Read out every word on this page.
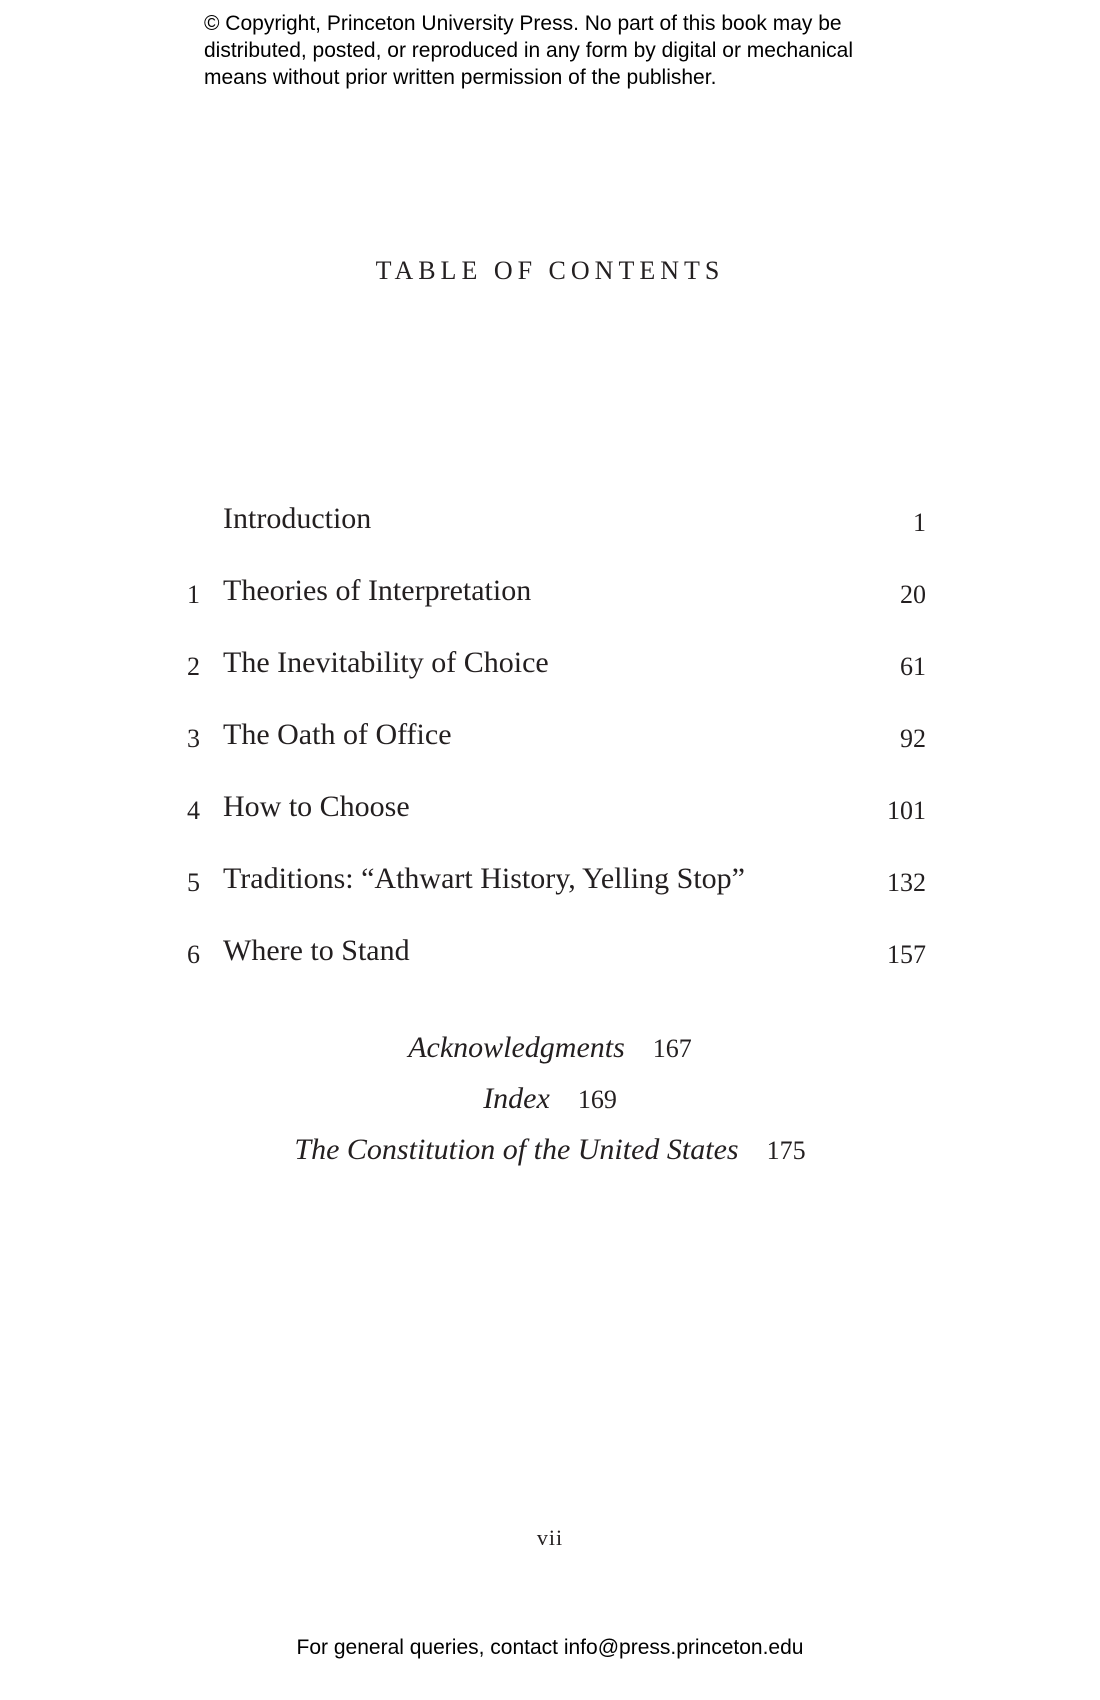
© Copyright, Princeton University Press. No part of this book may be
distributed, posted, or reproduced in any form by digital or mechanical
means without prior written permission of the publisher.
TABLE OF CONTENTS
Introduction	1
1 Theories of Interpretation	20
2 The Inevitability of Choice	61
3 The Oath of Office	92
4 How to Choose	101
5 Traditions: “Athwart History, Yelling Stop”	132
6 Where to Stand	157
Acknowledgments 167
Index 169
The Constitution of the United States 175
vii
For general queries, contact info@press.princeton.edu
